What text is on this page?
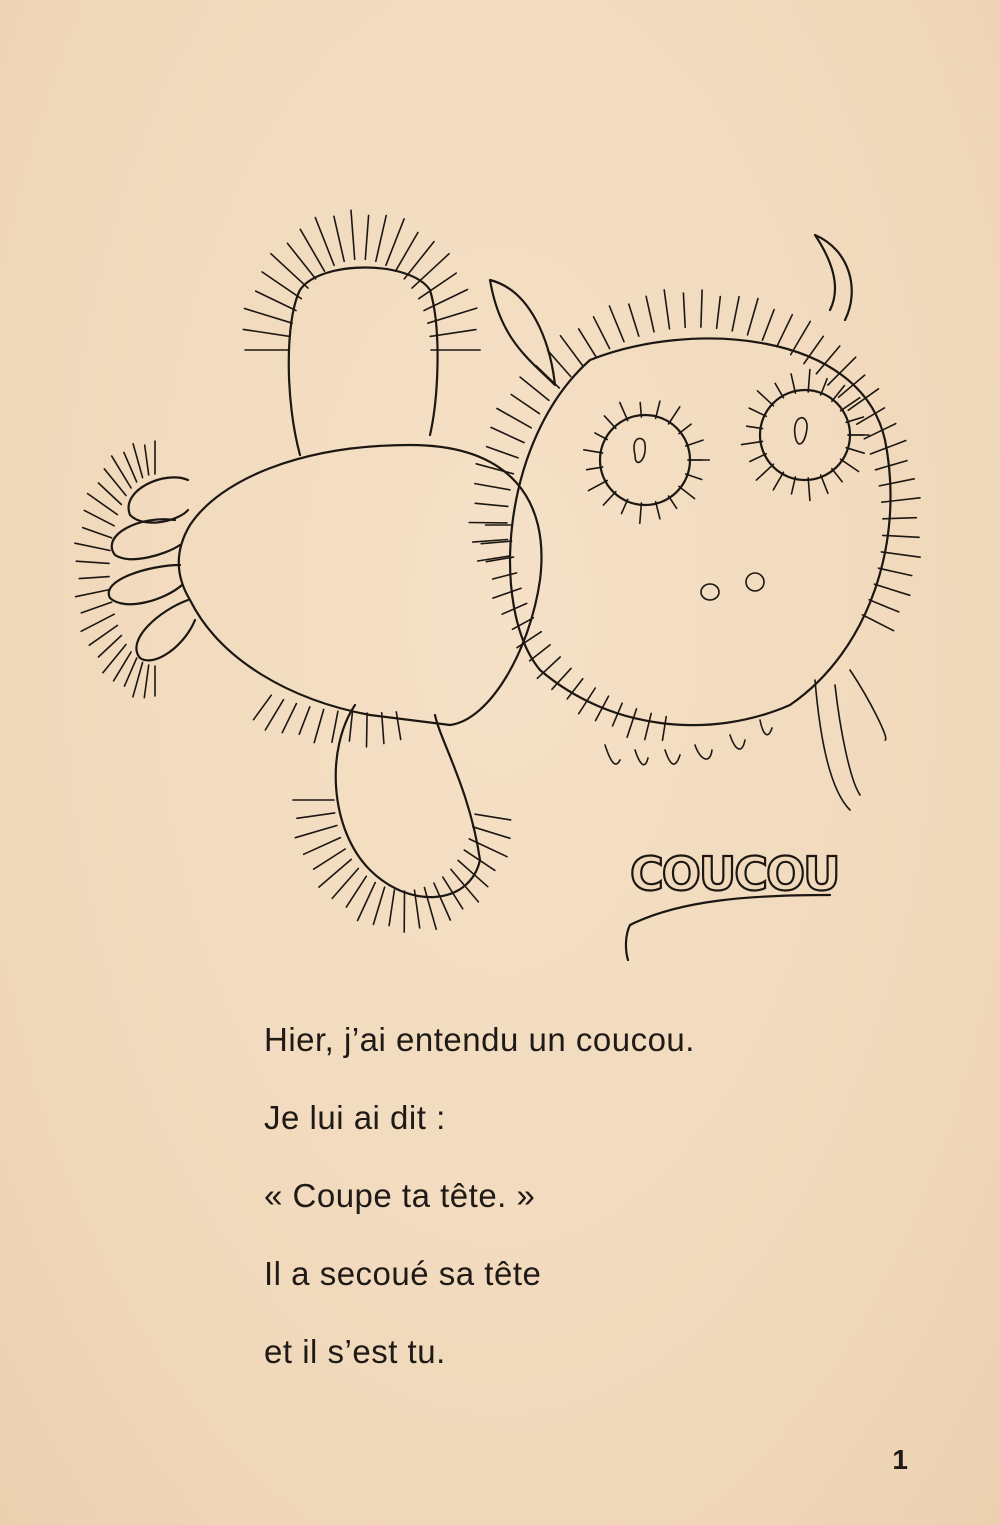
COUCOU
Hier, j’ai entendu un coucou.
Je lui ai dit :
« Coupe ta tête. »
Il a secoué sa tête
et il s’est tu.
1
